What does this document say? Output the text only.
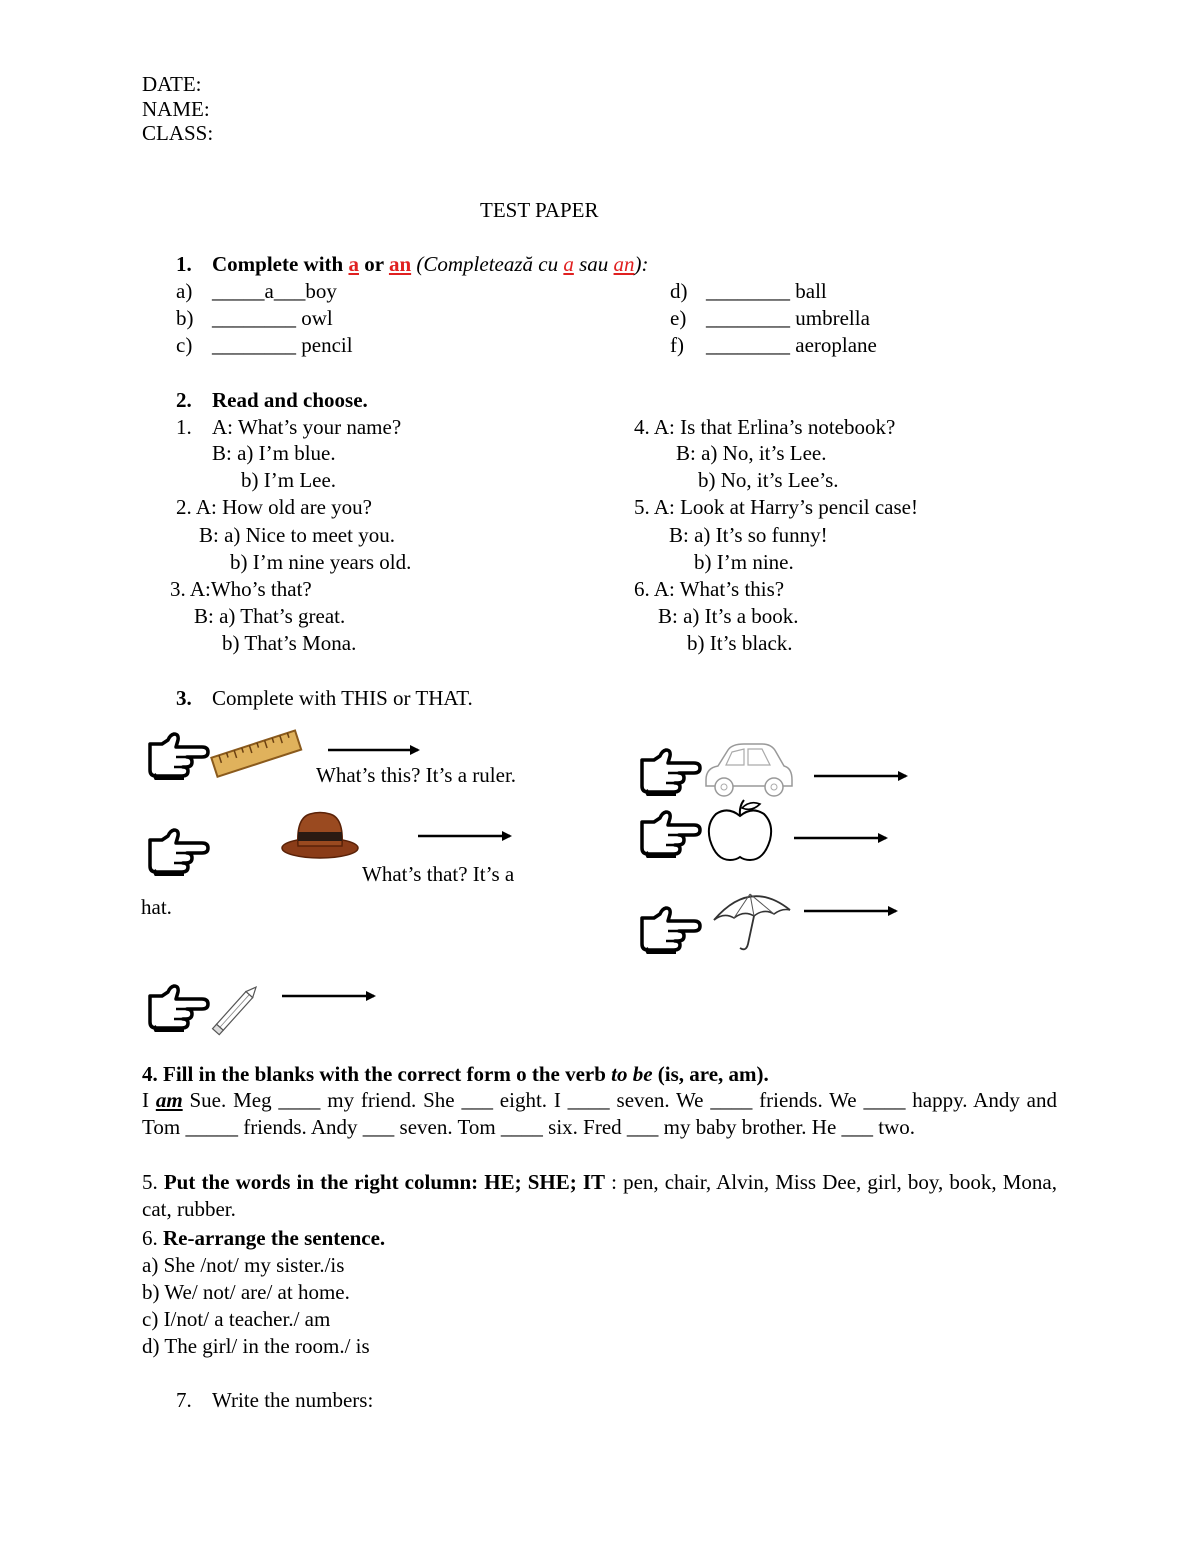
DATE:
NAME:
CLASS:
TEST PAPER
1. Complete with a or an (Completează cu a sau an):
a) _____a___boy
b) ________ owl
c) ________ pencil
d) ________ ball
e) ________ umbrella
f) ________ aeroplane
2. Read and choose.
1. A: What’s your name?
B: a) I’m blue.
b) I’m Lee.
2. A: How old are you?
B: a) Nice to meet you.
b) I’m nine years old.
3. A:Who’s that?
B: a) That’s great.
b) That’s Mona.
4. A: Is that Erlina’s notebook?
B: a) No, it’s Lee.
b) No, it’s Lee’s.
5. A: Look at Harry’s pencil case!
B: a) It’s so funny!
b) I’m nine.
6. A: What’s this?
B: a) It’s a book.
b) It’s black.
3. Complete with THIS or THAT.
What’s this? It’s a ruler.
What’s that? It’s a
hat.
4. Fill in the blanks with the correct form o the verb to be (is, are, am).
I am Sue. Meg ____ my friend. She ___ eight. I ____ seven. We ____ friends. We ____ happy. Andy and Tom _____ friends. Andy ___ seven. Tom ____ six. Fred ___ my baby brother. He ___ two.
5. Put the words in the right column: HE; SHE; IT : pen, chair, Alvin, Miss Dee, girl, boy, book, Mona, cat, rubber.
6. Re-arrange the sentence.
a) She /not/ my sister./is
b) We/ not/ are/ at home.
c) I/not/ a teacher./ am
d) The girl/ in the room./ is
7. Write the numbers:
